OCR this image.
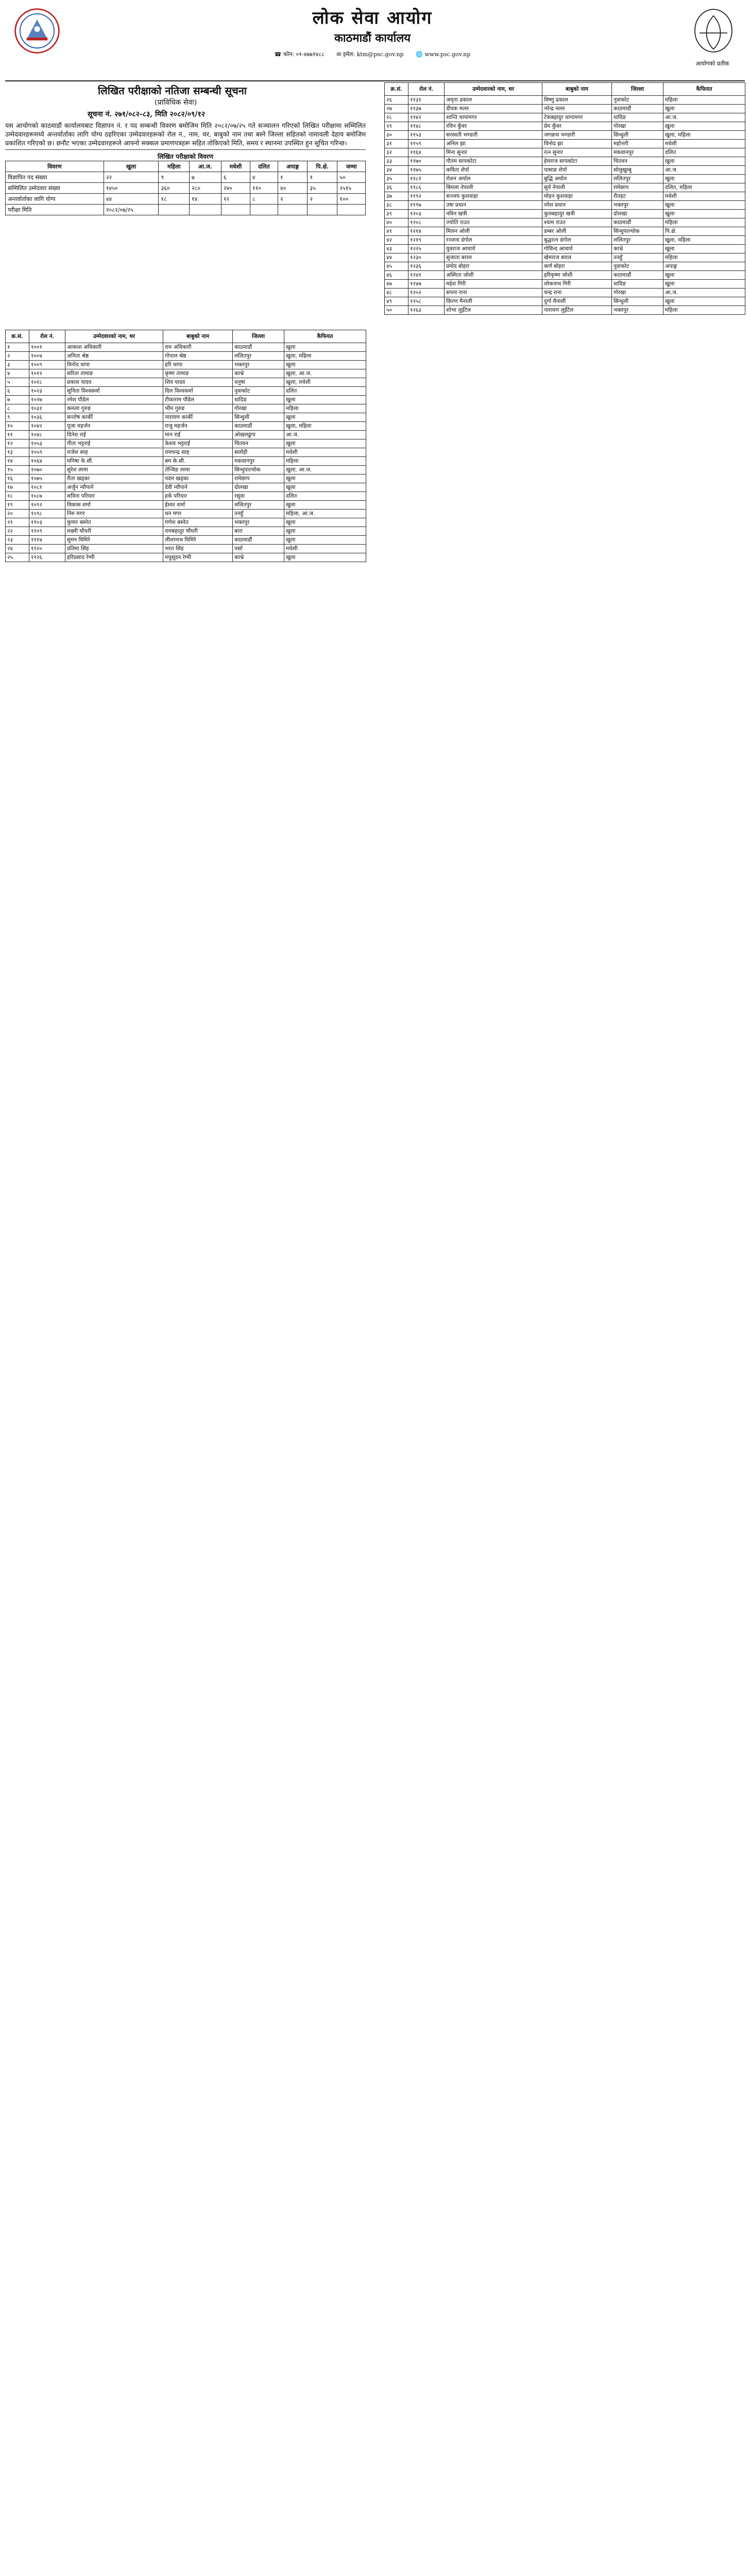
लोक सेवा आयोग
काठमाडौं कार्यालय
☎ फोन: ०१-४७७१४८८ ✉ इमेल: ktm@psc.gov.np 🌐 www.psc.gov.np
आयोगको प्रतीक
लिखित परीक्षाको नतिजा सम्बन्धी सूचना
(प्राविधिक सेवा)
सूचना नं. २७१/०८२-८३, मिति २०८२/०९/१२
यस आयोगको काठमाडौं कार्यालयबाट विज्ञापन नं. र पद सम्बन्धी विवरण बमोजिम मिति २०८२/०७/२५ गते सञ्चालन गरिएको लिखित परीक्षामा सम्मिलित उम्मेदवारहरूमध्ये अन्तर्वार्ताका लागि योग्य ठहरिएका उम्मेदवारहरूको रोल नं., नाम, थर, बाबुको नाम तथा बस्ने जिल्ला सहितको नामावली देहाय बमोजिम प्रकाशित गरिएको छ। छनौट भएका उम्मेदवारहरूले आफ्नो सक्कल प्रमाणपत्रहरू सहित तोकिएको मिति, समय र स्थानमा उपस्थित हुन सूचित गरिन्छ।
लिखित परीक्षाको विवरण
विवरण	खुला	महिला	आ.ज.	मधेशी	दलित	अपाङ्ग	पि.क्षे.	जम्मा
विज्ञापित पद संख्या	२२	९	७	६	४	१	१	५०
सम्मिलित उम्मेदवार संख्या	१४५०	३६०	२८०	२४०	११०	४०	३५	२५१५
अन्तर्वार्ताका लागि योग्य	४४	१८	१४	१२	८	२	२	१००
परीक्षा मिति	२०८२/०७/२५							
क्र.सं.	रोल नं.	उम्मेदवारको नाम, थर	बाबुको नाम	जिल्ला	कैफियत
१	१००१	आकाश अधिकारी	राम अधिकारी	काठमाडौं	खुला
२	१००४	अनिता श्रेष्ठ	गोपाल श्रेष्ठ	ललितपुर	खुला, महिला
३	१००९	विनोद थापा	हरि थापा	भक्तपुर	खुला
४	१०१२	सरिता तामाङ	कृष्ण तामाङ	काभ्रे	खुला, आ.ज.
५	१०१८	प्रकाश यादव	शिव यादव	धनुषा	खुला, मधेशी
६	१०२३	सुनिता विश्वकर्मा	दिल विश्वकर्मा	नुवाकोट	दलित
७	१०२७	रमेश पौडेल	टीकाराम पौडेल	धादिङ	खुला
८	१०३१	कमला गुरुङ	भीम गुरुङ	गोरखा	महिला
९	१०३६	सन्तोष कार्की	नारायण कार्की	सिन्धुली	खुला
१०	१०४२	पूजा महर्जन	राजु महर्जन	काठमाडौं	खुला, महिला
११	१०४८	दिनेश राई	मान राई	ओखलढुंगा	आ.ज.
१२	१०५३	गीता भट्टराई	केशव भट्टराई	चितवन	खुला
१३	१०५९	राजेश साह	रामचन्द्र साह	सर्लाही	मधेशी
१४	१०६४	मनिषा के.सी.	बम के.सी.	मकवानपुर	महिला
१५	१०७०	सुरेश लामा	तेन्जिङ लामा	सिन्धुपाल्चोक	खुला, आ.ज.
१६	१०७५	रीता खड्का	पदम खड्का	रामेछाप	खुला
१७	१०८१	अर्जुन न्यौपाने	देवी न्यौपाने	दोलखा	खुला
१८	१०८७	सविना परियार	हर्क परियार	रसुवा	दलित
१९	१०९२	विकास शर्मा	ईश्वर शर्मा	ललितपुर	खुला
२०	१०९८	निरु मगर	धन मगर	तनहुँ	महिला, आ.ज.
२१	११०३	कुमार बस्नेत	गणेश बस्नेत	भक्तपुर	खुला
२२	११०९	लक्ष्मी चौधरी	रामबहादुर चौधरी	बारा	खुला
२३	१११४	सुमन घिमिरे	लीलानाथ घिमिरे	काठमाडौं	खुला
२४	११२०	प्रतिमा सिंह	भरत सिंह	पर्सा	मधेशी
२५	११२६	हरिप्रसाद रेग्मी	मधुसूदन रेग्मी	काभ्रे	खुला
क्र.सं.	रोल नं.	उम्मेदवारको नाम, थर	बाबुको नाम	जिल्ला	कैफियत
२६	११३१	अमृता ढकाल	विष्णु ढकाल	नुवाकोट	महिला
२७	११३७	दीपक मल्ल	नरेन्द्र मल्ल	काठमाडौं	खुला
२८	११४२	शान्ति थापामगर	टेकबहादुर थापामगर	धादिङ	आ.ज.
२९	११४८	रविन कुँवर	प्रेम कुँवर	गोरखा	खुला
३०	११५३	सरस्वती भण्डारी	जगन्नाथ भण्डारी	सिन्धुली	खुला, महिला
३१	११५९	अनिल झा	विनोद झा	महोत्तरी	मधेशी
३२	११६४	मिना सुनार	रत्न सुनार	मकवानपुर	दलित
३३	११७०	गौतम सापकोटा	हेमराज सापकोटा	चितवन	खुला
३४	११७५	कविता शेर्पा	पासाङ शेर्पा	सोलुखुम्बु	आ.ज.
३५	११८१	रोशन अर्याल	बुद्धि अर्याल	ललितपुर	खुला
३६	११८६	बिमला नेपाली	सुर्य नेपाली	रामेछाप	दलित, महिला
३७	११९२	सञ्जय कुशवाहा	मोहन कुशवाहा	रौतहट	मधेशी
३८	११९७	उषा प्रधान	रमेश प्रधान	भक्तपुर	खुला
३९	१२०३	नविन खत्री	कुलबहादुर खत्री	दोलखा	खुला
४०	१२०८	ज्योति राउत	श्याम राउत	काठमाडौं	महिला
४१	१२१४	मिलन ओली	डम्बर ओली	सिन्धुपाल्चोक	पि.क्षे.
४२	१२१९	रञ्जना डंगोल	बुद्धरत्न डंगोल	ललितपुर	खुला, महिला
४३	१२२५	युवराज आचार्य	गोविन्द आचार्य	काभ्रे	खुला
४४	१२३०	सुजाता बराल	खेमराज बराल	तनहुँ	महिला
४५	१२३६	प्रमोद बोहरा	कर्ण बोहरा	नुवाकोट	अपाङ्ग
४६	१२४१	अस्मिता जोशी	हरिकृष्ण जोशी	काठमाडौं	खुला
४७	१२४७	महेश गिरी	लोकनाथ गिरी	धादिङ	खुला
४८	१२५२	सपना राना	चन्द्र राना	गोरखा	आ.ज.
४९	१२५८	किरण मैनाली	दुर्गा मैनाली	सिन्धुली	खुला
५०	१२६३	शोभा लुइँटेल	नारायण लुइँटेल	भक्तपुर	महिला
